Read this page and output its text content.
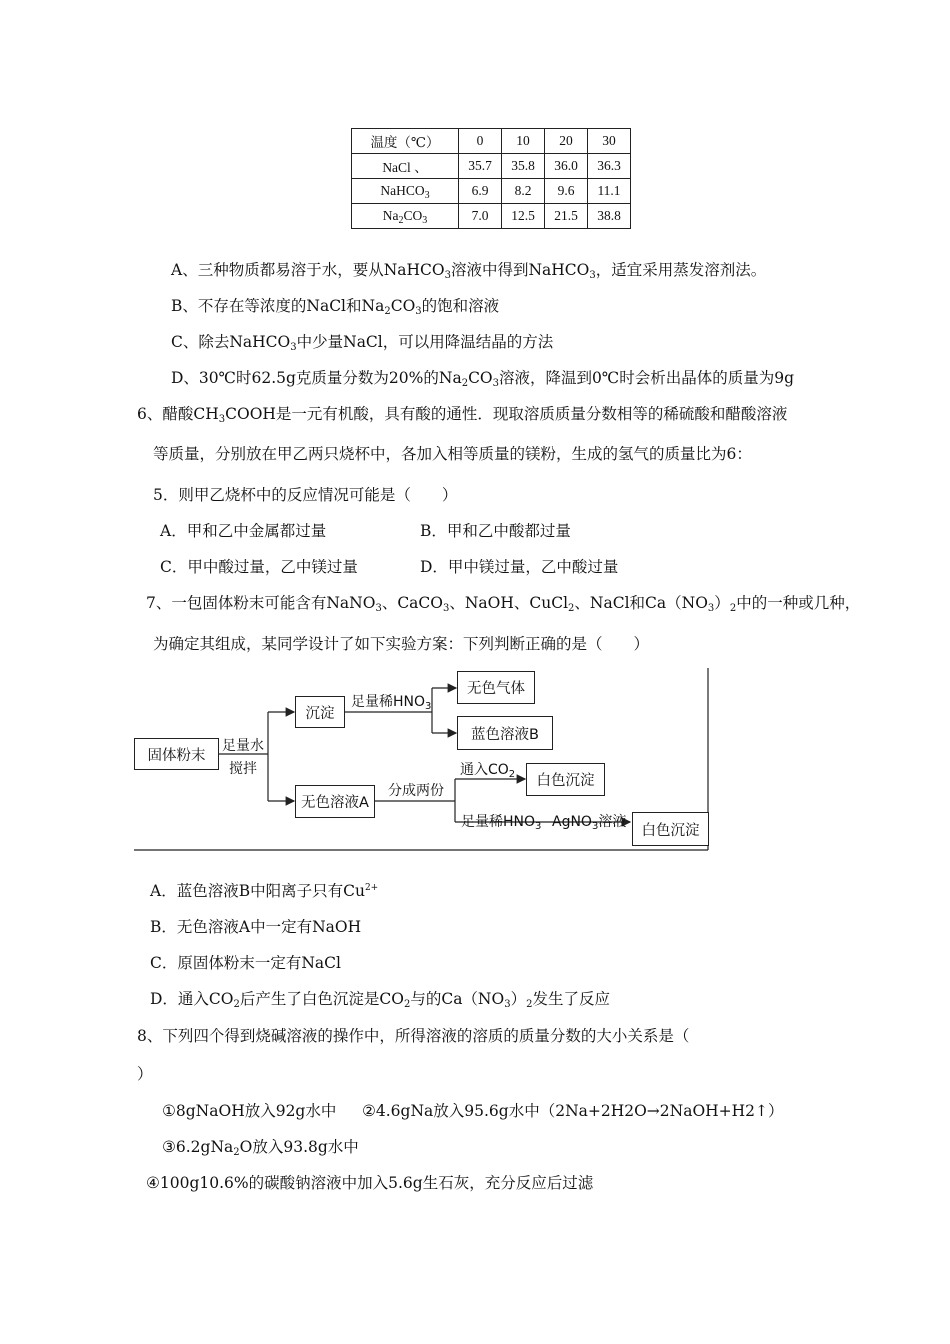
温度（℃）	0	10	20	30
NaCl 、	35.7	35.8	36.0	36.3
NaHCO$_3$	6.9	8.2	9.6	11.1
$Na_2CO_3$	7.0	12.5	21.5	38.8
A、三种物质都易溶于水，要从NaHCO$_3$溶液中得到NaHCO$_3$，适宜采用蒸发溶剂法。
B、不存在等浓度的NaCl和$Na_2CO_3$的饱和溶液
C、除去NaHCO$_3$中少量NaCl，可以用降温结晶的方法
D、30℃时62.5g克质量分数为20%的$Na_2CO_3$溶液，降温到0℃时会析出晶体的质量为9g
6、醋酸$CH_3COOH$是一元有机酸，具有酸的通性．现取溶质质量分数相等的稀硫酸和醋酸溶液
等质量，分别放在甲乙两只烧杯中，各加入相等质量的镁粉，生成的氢气的质量比为6：
5．则甲乙烧杯中的反应情况可能是（　　）
A．甲和乙中金属都过量	B．甲和乙中酸都过量
C．甲中酸过量，乙中镁过量	D．甲中镁过量，乙中酸过量
7、一包固体粉末可能含有NaNO$_3$、CaCO$_3$、NaOH、CuCl$_2$、NaCl和$Ca(NO_3)_2$中的一种或几种，
为确定其组成，某同学设计了如下实验方案：下列判断正确的是（　　）
固体粉末
沉淀
无色气体
蓝色溶液B
无色溶液A
白色沉淀
白色沉淀
足量水
搅拌
足量稀$HNO_3$
分成两份
通入$CO_2$
足量稀$HNO_3$ AgNO$_3$溶液
A．蓝色溶液B中阳离子只有$Cu^{2+}$
B．无色溶液A中一定有NaOH
C．原固体粉末一定有NaCl
D．通入$CO_2$后产生了白色沉淀是$CO_2$与的$Ca(NO_3)_2$发生了反应
8、下列四个得到烧碱溶液的操作中，所得溶液的溶质的质量分数的大小关系是（
）
①8gNaOH放入92g水中 ②4.6gNa放入95.6g水中（2Na+2H2O→2NaOH+H2↑）
③6.2gNa$_2$O放入93.8g水中
④100g10.6%的碳酸钠溶液中加入5.6g生石灰，充分反应后过滤
